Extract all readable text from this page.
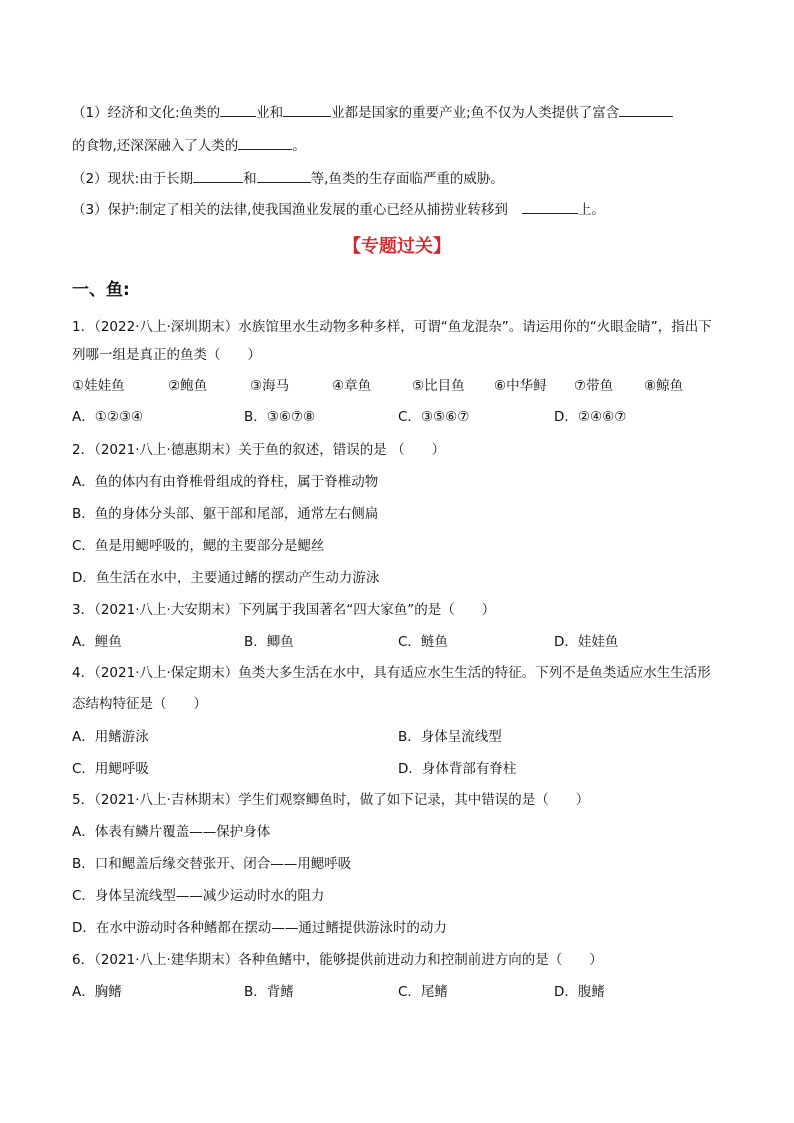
（1）经济和文化:鱼类的	业和	业都是国家的重要产业;鱼不仅为人类提供了富含
的食物,还深深融入了人类的	。
（2）现状:由于长期	和	等,鱼类的生存面临严重的威胁。
（3）保护:制定了相关的法律,使我国渔业发展的重心已经从捕捞业转移到	上。
【专题过关】
一、鱼:
1．（2022·八上·深圳期末）水族馆里水生动物多种多样，可谓“鱼龙混杂”。请运用你的“火眼金睛”，指出下
列哪一组是真正的鱼类（　　）
①娃娃鱼	②鲍鱼	③海马	④章鱼	⑤比目鱼 ⑥中华鲟 ⑦带鱼 ⑧鲸鱼
A．①②③④	B．③⑥⑦⑧	C．③⑤⑥⑦	D．②④⑥⑦
2．（2021·八上·德惠期末）关于鱼的叙述，错误的是 （　　）
A．鱼的体内有由脊椎骨组成的脊柱，属于脊椎动物
B．鱼的身体分头部、躯干部和尾部，通常左右侧扁
C．鱼是用鳃呼吸的，鳃的主要部分是鳃丝
D．鱼生活在水中，主要通过鳍的摆动产生动力游泳
3．（2021·八上·大安期末）下列属于我国著名“四大家鱼”的是（　　）
A．鲤鱼	B．鲫鱼	C．鲢鱼	D．娃娃鱼
4．（2021·八上·保定期末）鱼类大多生活在水中，具有适应水生生活的特征。下列不是鱼类适应水生生活形
态结构特征是（　　）
A．用鳍游泳	B．身体呈流线型
C．用鳃呼吸	D．身体背部有脊柱
5．（2021·八上·吉林期末）学生们观察鲫鱼时，做了如下记录，其中错误的是（　　）
A．体表有鳞片覆盖——保护身体
B．口和鳃盖后缘交替张开、闭合——用鳃呼吸
C．身体呈流线型——减少运动时水的阻力
D．在水中游动时各种鳍都在摆动——通过鳍提供游泳时的动力
6．（2021·八上·建华期末）各种鱼鳍中，能够提供前进动力和控制前进方向的是（　　）
A．胸鳍	B．背鳍	C．尾鳍	D．腹鳍
